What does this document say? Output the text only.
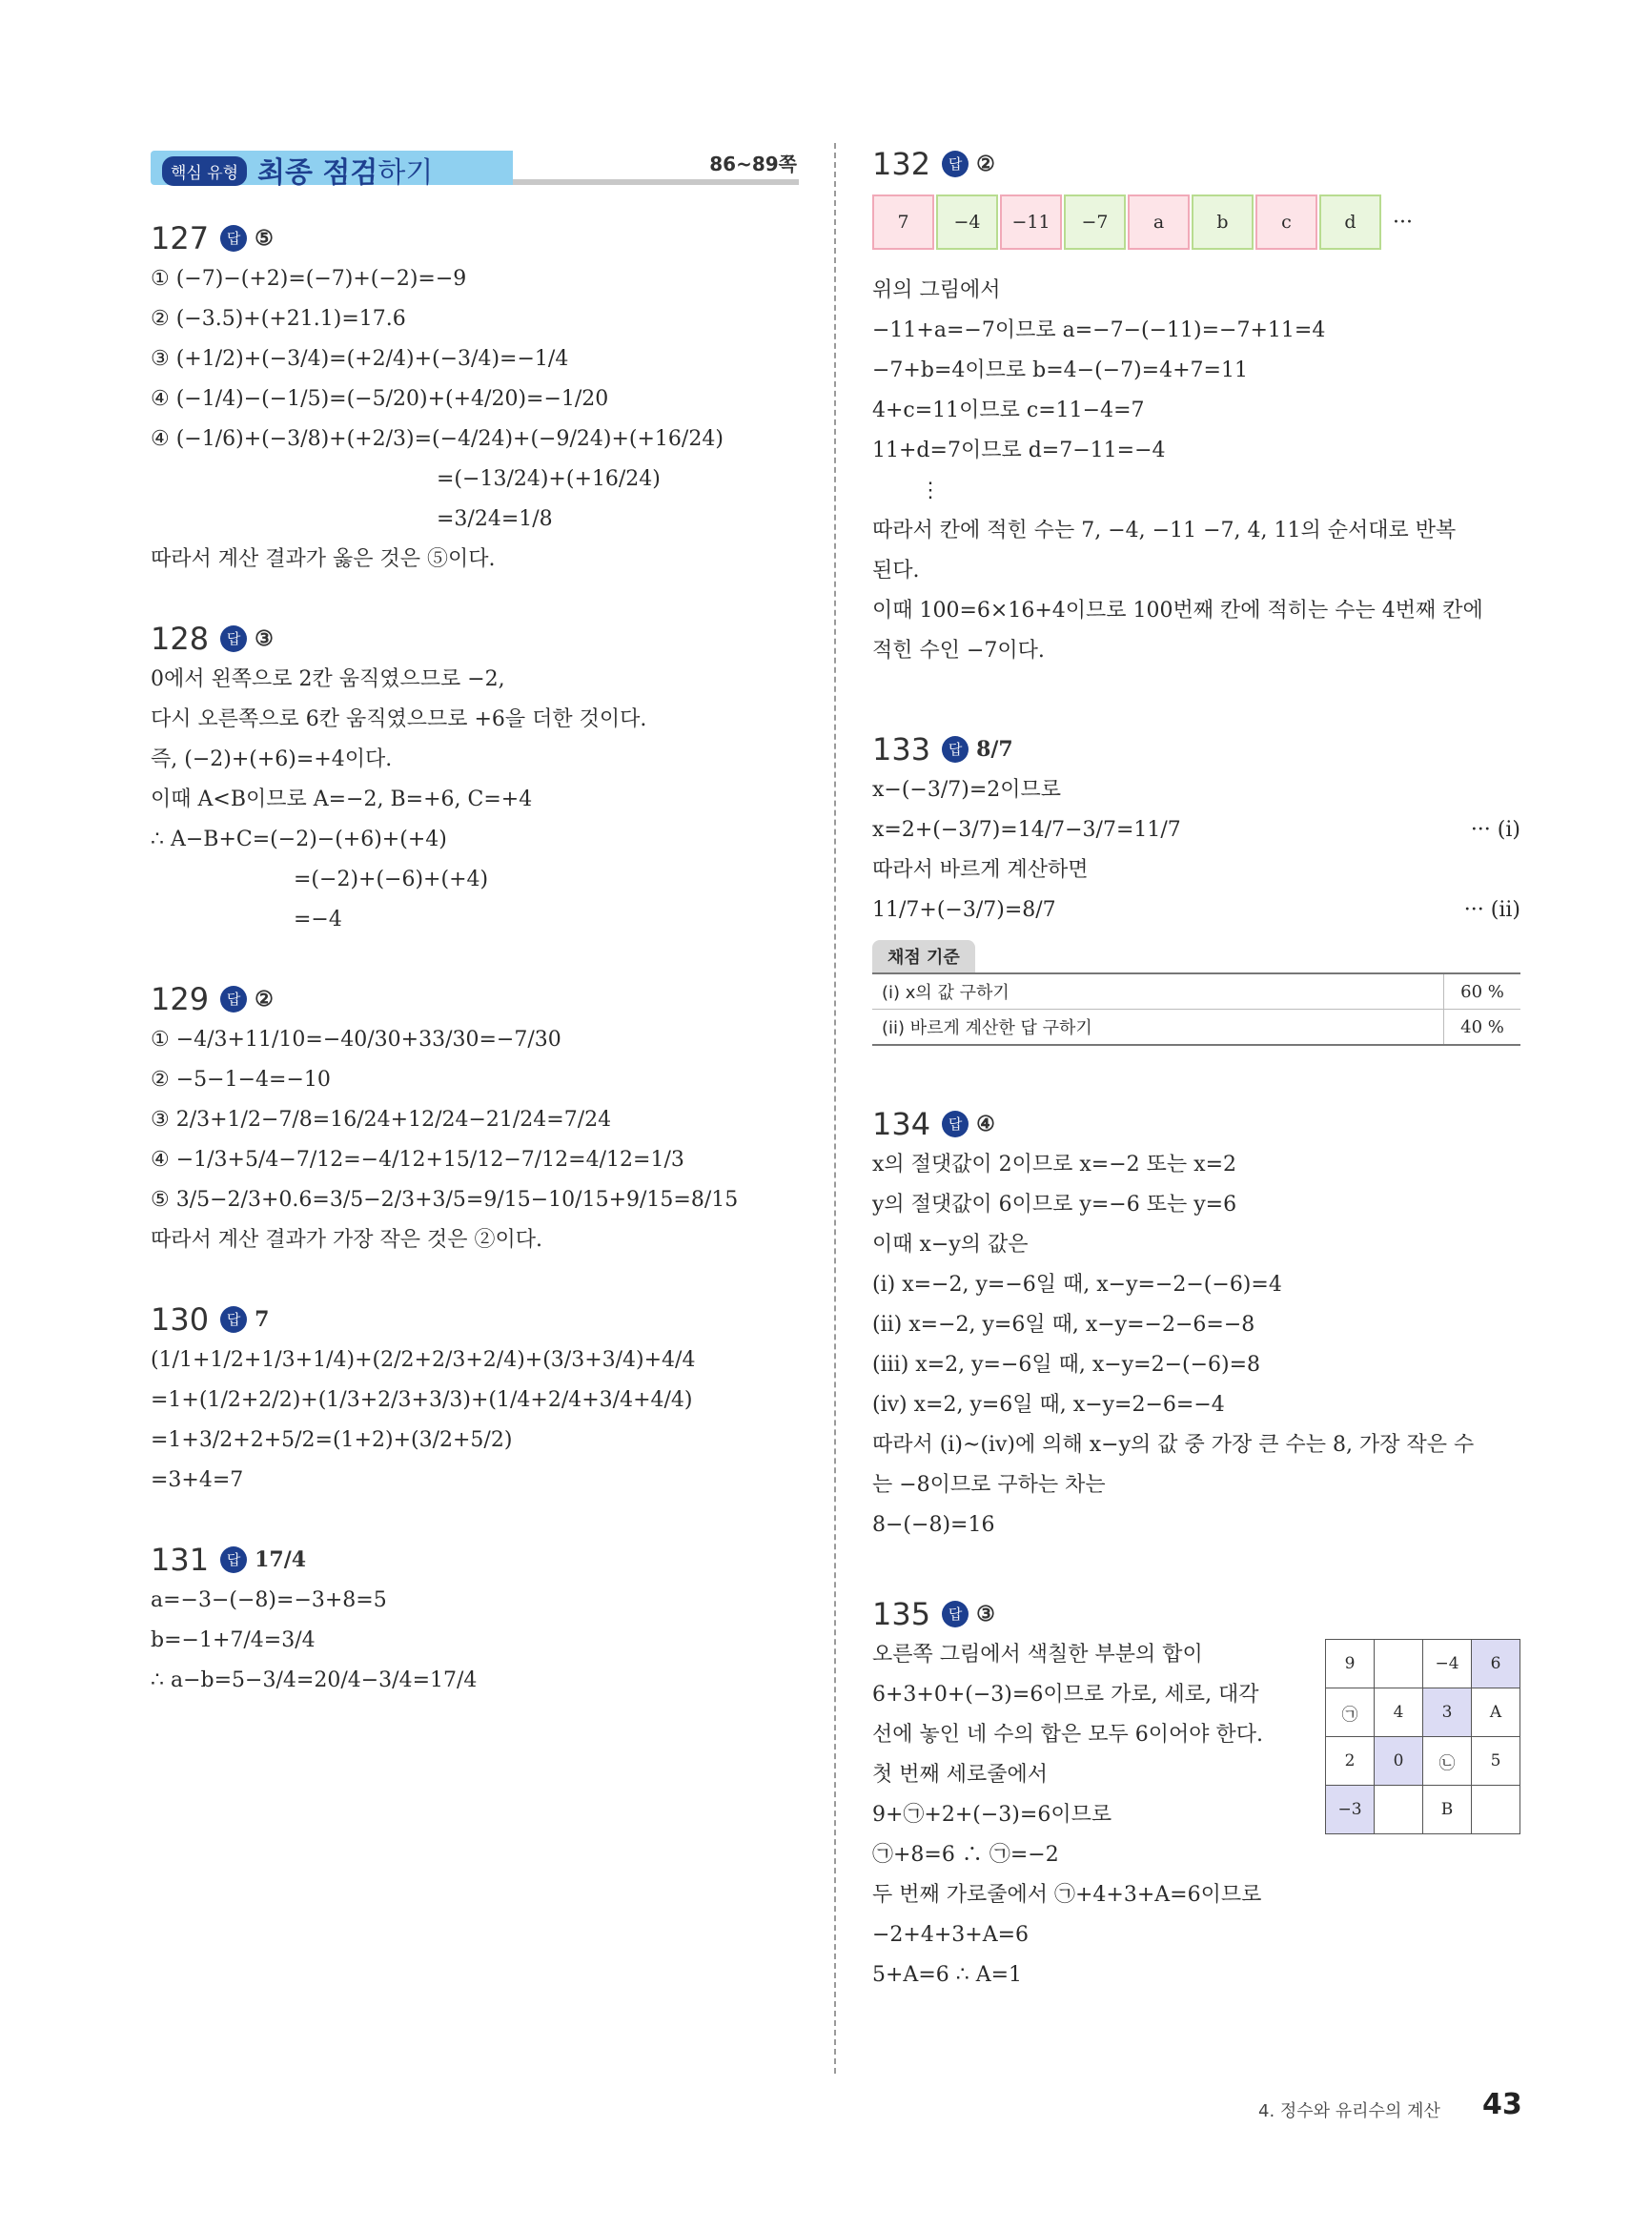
핵심 유형 최종 점검하기	86~89쪽
127	답 ⑤
① (−7)−(+2)=(−7)+(−2)=−9
② (−3.5)+(+21.1)=17.6
③ (+1/2)+(−3/4)=(+2/4)+(−3/4)=−1/4
④ (−1/4)−(−1/5)=(−5/20)+(+4/20)=−1/20
④ (−1/6)+(−3/8)+(+2/3)=(−4/24)+(−9/24)+(+16/24)
=(−13/24)+(+16/24)
=3/24=1/8
따라서 계산 결과가 옳은 것은 ⑤이다.
128	답 ③
0에서 왼쪽으로 2칸 움직였으므로 −2,
다시 오른쪽으로 6칸 움직였으므로 +6을 더한 것이다.
즉, (−2)+(+6)=+4이다.
이때 A<B이므로 A=−2, B=+6, C=+4
∴ A−B+C=(−2)−(+6)+(+4)
=(−2)+(−6)+(+4)
=−4
129	답 ②
① −4/3+11/10=−40/30+33/30=−7/30
② −5−1−4=−10
③ 2/3+1/2−7/8=16/24+12/24−21/24=7/24
④ −1/3+5/4−7/12=−4/12+15/12−7/12=4/12=1/3
⑤ 3/5−2/3+0.6=3/5−2/3+3/5=9/15−10/15+9/15=8/15
따라서 계산 결과가 가장 작은 것은 ②이다.
130	답 7
(1/1+1/2+1/3+1/4)+(2/2+2/3+2/4)+(3/3+3/4)+4/4
=1+(1/2+2/2)+(1/3+2/3+3/3)+(1/4+2/4+3/4+4/4)
=1+3/2+2+5/2=(1+2)+(3/2+5/2)
=3+4=7
131	답 17/4
a=−3−(−8)=−3+8=5
b=−1+7/4=3/4
∴ a−b=5−3/4=20/4−3/4=17/4
132	답 ②
7	−4	−11	−7	a	b	c	d	···
위의 그림에서
−11+a=−7이므로 a=−7−(−11)=−7+11=4
−7+b=4이므로 b=4−(−7)=4+7=11
4+c=11이므로 c=11−4=7
11+d=7이므로 d=7−11=−4
⋮
따라서 칸에 적힌 수는 7, −4, −11 −7, 4, 11의 순서대로 반복
된다.
이때 100=6×16+4이므로 100번째 칸에 적히는 수는 4번째 칸에
적힌 수인 −7이다.
133	답 8/7
x−(−3/7)=2이므로
x=2+(−3/7)=14/7−3/7=11/7	··· (i)
따라서 바르게 계산하면
11/7+(−3/7)=8/7	··· (ii)
채점 기준
(i) x의 값 구하기	60 %
(ii) 바르게 계산한 답 구하기	40 %
134	답 ④
x의 절댓값이 2이므로 x=−2 또는 x=2
y의 절댓값이 6이므로 y=−6 또는 y=6
이때 x−y의 값은
(i) x=−2, y=−6일 때, x−y=−2−(−6)=4
(ii) x=−2, y=6일 때, x−y=−2−6=−8
(iii) x=2, y=−6일 때, x−y=2−(−6)=8
(iv) x=2, y=6일 때, x−y=2−6=−4
따라서 (i)~(iv)에 의해 x−y의 값 중 가장 큰 수는 8, 가장 작은 수
는 −8이므로 구하는 차는
8−(−8)=16
135	답 ③
9		−4	6
㉠	4	3	A
2	0	㉡	5
−3		B	
오른쪽 그림에서 색칠한 부분의 합이
6+3+0+(−3)=6이므로 가로, 세로, 대각
선에 놓인 네 수의 합은 모두 6이어야 한다.
첫 번째 세로줄에서
9+㉠+2+(−3)=6이므로
㉠+8=6 ∴ ㉠=−2
두 번째 가로줄에서 ㉠+4+3+A=6이므로
−2+4+3+A=6
5+A=6 ∴ A=1
4. 정수와 유리수의 계산 43
